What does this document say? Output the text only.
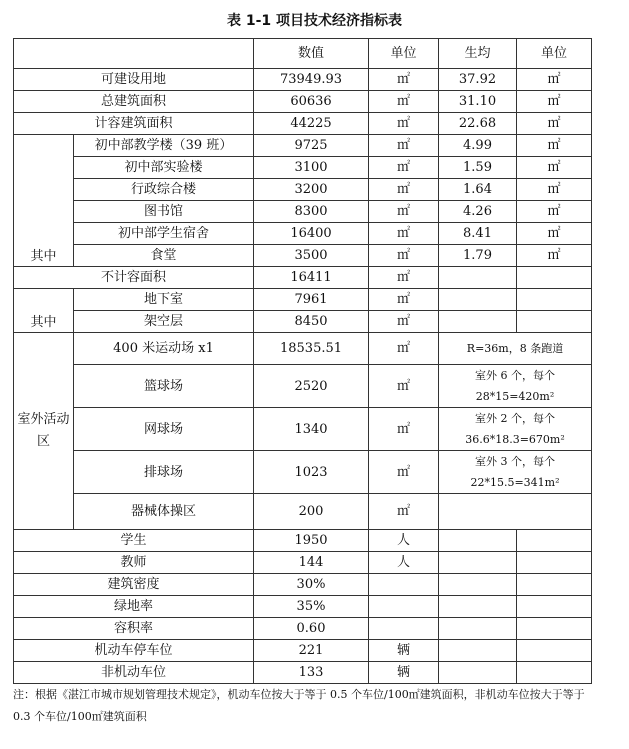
表 1-1 项目技术经济指标表
		数值	单位	生均	单位
可建设用地		73949.93	㎡	37.92	㎡
总建筑面积		60636	㎡	31.10	㎡
计容建筑面积		44225	㎡	22.68	㎡
其中	初中部教学楼（39 班）	9725	㎡	4.99	㎡
	初中部实验楼	3100	㎡	1.59	㎡
	行政综合楼	3200	㎡	1.64	㎡
	图书馆	8300	㎡	4.26	㎡
	初中部学生宿舍	16400	㎡	8.41	㎡
	食堂	3500	㎡	1.79	㎡
不计容面积		16411	㎡		
其中	地下室	7961	㎡		
	架空层	8450	㎡		
室外活动区	400 米运动场 x1	18535.51	㎡	R=36m，8 条跑道	
	篮球场	2520	㎡	室外 6 个，每个 28*15=420m²	
	网球场	1340	㎡	室外 2 个，每个 36.6*18.3=670m²	
	排球场	1023	㎡	室外 3 个，每个 22*15.5=341m²	
	器械体操区	200	㎡		
学生		1950	人		
教师		144	人		
建筑密度		30%			
绿地率		35%			
容积率		0.60			
机动车停车位		221	辆		
非机动车位		133	辆		
注：根据《湛江市城市规划管理技术规定》，机动车位按大于等于 0.5 个车位/100㎡建筑面积，非机动车位按大于等于 0.3 个车位/100㎡建筑面积
